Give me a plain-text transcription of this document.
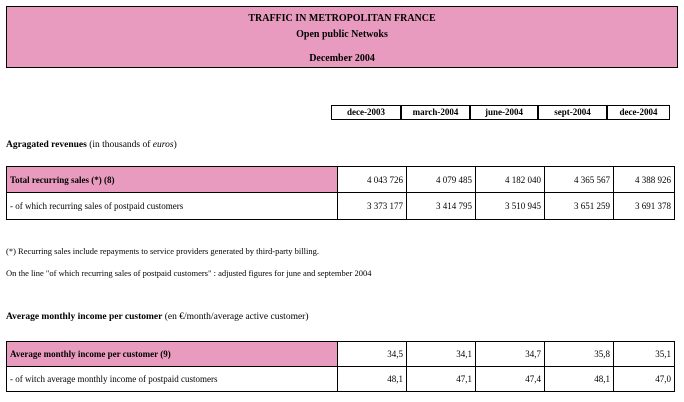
TRAFFIC IN METROPOLITAN FRANCE
Open public Netwoks
December 2004
dece-2003	march-2004	june-2004	sept-2004	dece-2004
Agragated revenues (in thousands of euros)
Total recurring sales (*) (8)	4 043 726	4 079 485	4 182 040	4 365 567	4 388 926
- of which recurring sales of postpaid customers	3 373 177	3 414 795	3 510 945	3 651 259	3 691 378
(*) Recurring sales include repayments to service providers generated by third-party billing.
On the line "of which recurring sales of postpaid customers" : adjusted figures for june and september 2004
Average monthly income per customer (en €/month/average active customer)
Average monthly income per customer (9)	34,5	34,1	34,7	35,8	35,1
- of witch average monthly income of postpaid customers	48,1	47,1	47,4	48,1	47,0
